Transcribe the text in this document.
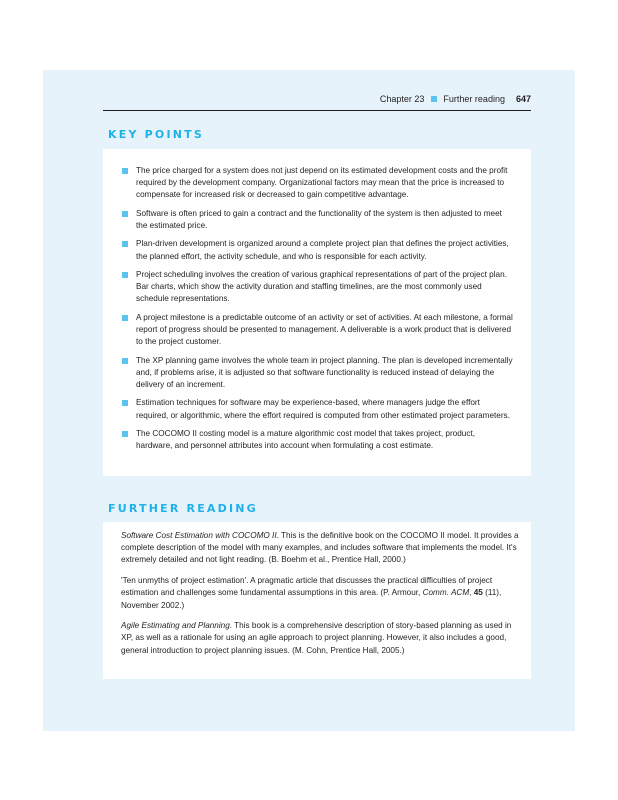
Chapter 23 Further reading 647
KEY POINTS
The price charged for a system does not just depend on its estimated development costs and the profit required by the development company. Organizational factors may mean that the price is increased to compensate for increased risk or decreased to gain competitive advantage.
Software is often priced to gain a contract and the functionality of the system is then adjusted to meet the estimated price.
Plan-driven development is organized around a complete project plan that defines the project activities, the planned effort, the activity schedule, and who is responsible for each activity.
Project scheduling involves the creation of various graphical representations of part of the project plan. Bar charts, which show the activity duration and staffing timelines, are the most commonly used schedule representations.
A project milestone is a predictable outcome of an activity or set of activities. At each milestone, a formal report of progress should be presented to management. A deliverable is a work product that is delivered to the project customer.
The XP planning game involves the whole team in project planning. The plan is developed incrementally and, if problems arise, it is adjusted so that software functionality is reduced instead of delaying the delivery of an increment.
Estimation techniques for software may be experience-based, where managers judge the effort required, or algorithmic, where the effort required is computed from other estimated project parameters.
The COCOMO II costing model is a mature algorithmic cost model that takes project, product, hardware, and personnel attributes into account when formulating a cost estimate.
FURTHER READING

Software Cost Estimation with COCOMO II. This is the definitive book on the COCOMO II model. It provides a complete description of the model with many examples, and includes software that implements the model. It's extremely detailed and not light reading. (B. Boehm et al., Prentice Hall, 2000.)

'Ten unmyths of project estimation'. A pragmatic article that discusses the practical difficulties of project estimation and challenges some fundamental assumptions in this area. (P. Armour, Comm. ACM, 45 (11), November 2002.)

Agile Estimating and Planning. This book is a comprehensive description of story-based planning as used in XP, as well as a rationale for using an agile approach to project planning. However, it also includes a good, general introduction to project planning issues. (M. Cohn, Prentice Hall, 2005.)
